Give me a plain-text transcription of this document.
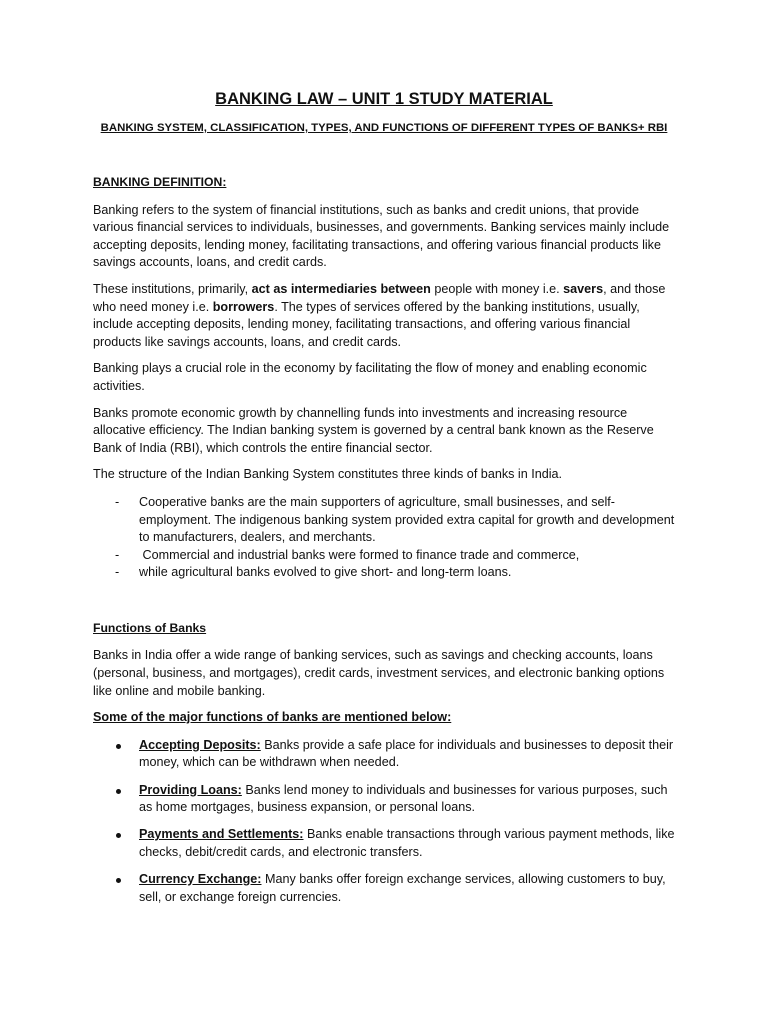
BANKING LAW – UNIT 1 STUDY MATERIAL
BANKING SYSTEM, CLASSIFICATION, TYPES, AND FUNCTIONS OF DIFFERENT TYPES OF BANKS+ RBI
BANKING DEFINITION:

Banking refers to the system of financial institutions, such as banks and credit unions, that provide various financial services to individuals, businesses, and governments. Banking services mainly include accepting deposits, lending money, facilitating transactions, and offering various financial products like savings accounts, loans, and credit cards.

These institutions, primarily, act as intermediaries between people with money i.e. savers, and those who need money i.e. borrowers. The types of services offered by the banking institutions, usually, include accepting deposits, lending money, facilitating transactions, and offering various financial products like savings accounts, loans, and credit cards.

Banking plays a crucial role in the economy by facilitating the flow of money and enabling economic activities.

Banks promote economic growth by channelling funds into investments and increasing resource allocative efficiency. The Indian banking system is governed by a central bank known as the Reserve Bank of India (RBI), which controls the entire financial sector.

The structure of the Indian Banking System constitutes three kinds of banks in India.

- Cooperative banks are the main supporters of agriculture, small businesses, and self-employment. The indigenous banking system provided extra capital for growth and development to manufacturers, dealers, and merchants.
- Commercial and industrial banks were formed to finance trade and commerce,
- while agricultural banks evolved to give short- and long-term loans.
Functions of Banks

Banks in India offer a wide range of banking services, such as savings and checking accounts, loans (personal, business, and mortgages), credit cards, investment services, and electronic banking options like online and mobile banking.

Some of the major functions of banks are mentioned below:

Accepting Deposits: Banks provide a safe place for individuals and businesses to deposit their money, which can be withdrawn when needed.
Providing Loans: Banks lend money to individuals and businesses for various purposes, such as home mortgages, business expansion, or personal loans.
Payments and Settlements: Banks enable transactions through various payment methods, like checks, debit/credit cards, and electronic transfers.
Currency Exchange: Many banks offer foreign exchange services, allowing customers to buy, sell, or exchange foreign currencies.
